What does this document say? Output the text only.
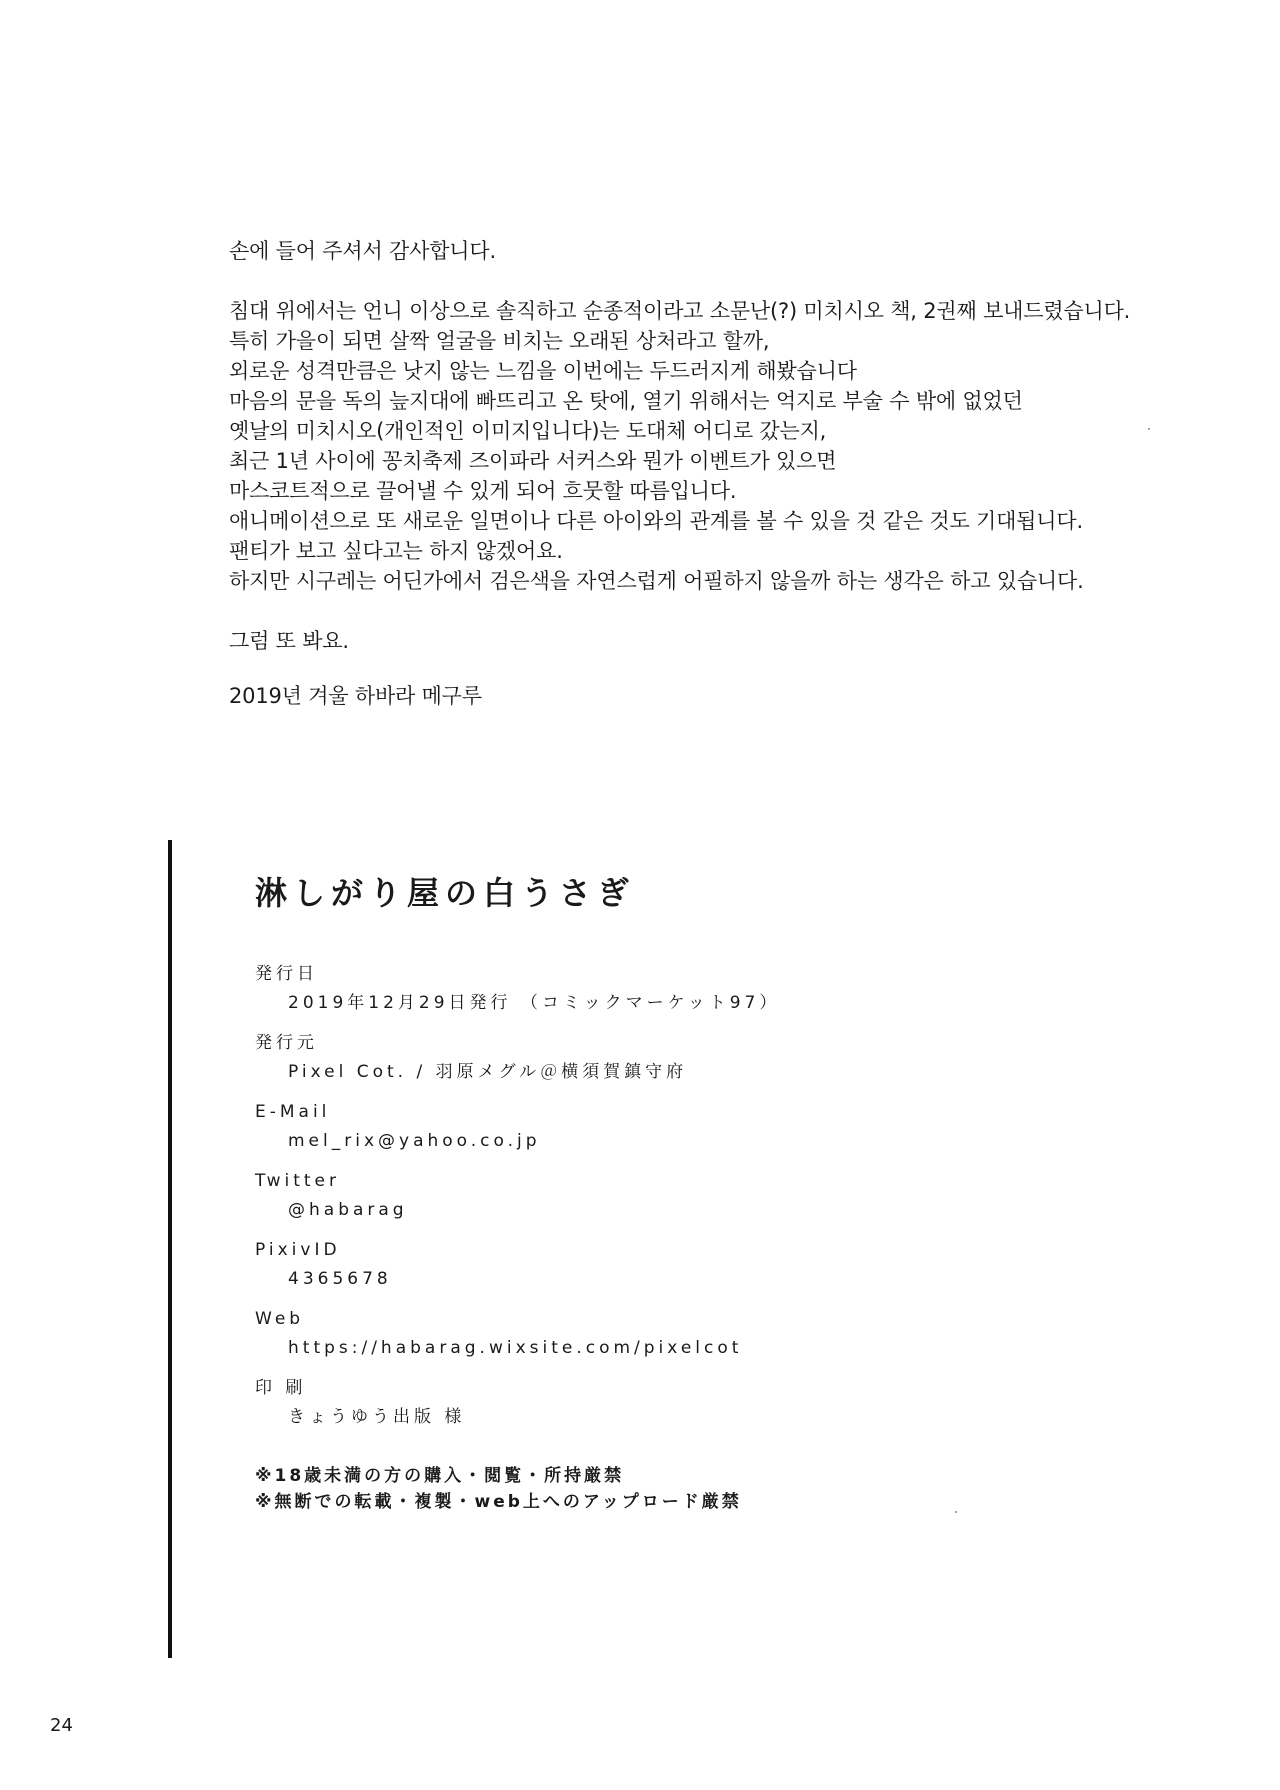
손에 들어 주셔서 감사합니다.

침대 위에서는 언니 이상으로 솔직하고 순종적이라고 소문난(?) 미치시오 책, 2권째 보내드렸습니다.

특히 가을이 되면 살짝 얼굴을 비치는 오래된 상처라고 할까,

외로운 성격만큼은 낫지 않는 느낌을 이번에는 두드러지게 해봤습니다

마음의 문을 독의 늪지대에 빠뜨리고 온 탓에, 열기 위해서는 억지로 부술 수 밖에 없었던

옛날의 미치시오(개인적인 이미지입니다)는 도대체 어디로 갔는지,

최근 1년 사이에 꽁치축제 즈이파라 서커스와 뭔가 이벤트가 있으면

마스코트적으로 끌어낼 수 있게 되어 흐뭇할 따름입니다.

애니메이션으로 또 새로운 일면이나 다른 아이와의 관계를 볼 수 있을 것 같은 것도 기대됩니다.

팬티가 보고 싶다고는 하지 않겠어요.

하지만 시구레는 어딘가에서 검은색을 자연스럽게 어필하지 않을까 하는 생각은 하고 있습니다.

그럼 또 봐요.

2019년 겨울 하바라 메구루

淋しがり屋の白うさぎ
発行日
2019年12月29日発行 （コミックマーケット97）
発行元
Pixel Cot. / 羽原メグル＠横須賀鎮守府
E-Mail
mel_rix@yahoo.co.jp
Twitter
@habarag
PixivID
4365678
Web
https://habarag.wixsite.com/pixelcot
印 刷
きょうゆう出版 様
※18歳未満の方の購入・閲覧・所持厳禁
※無断での転載・複製・web上へのアップロード厳禁
24
